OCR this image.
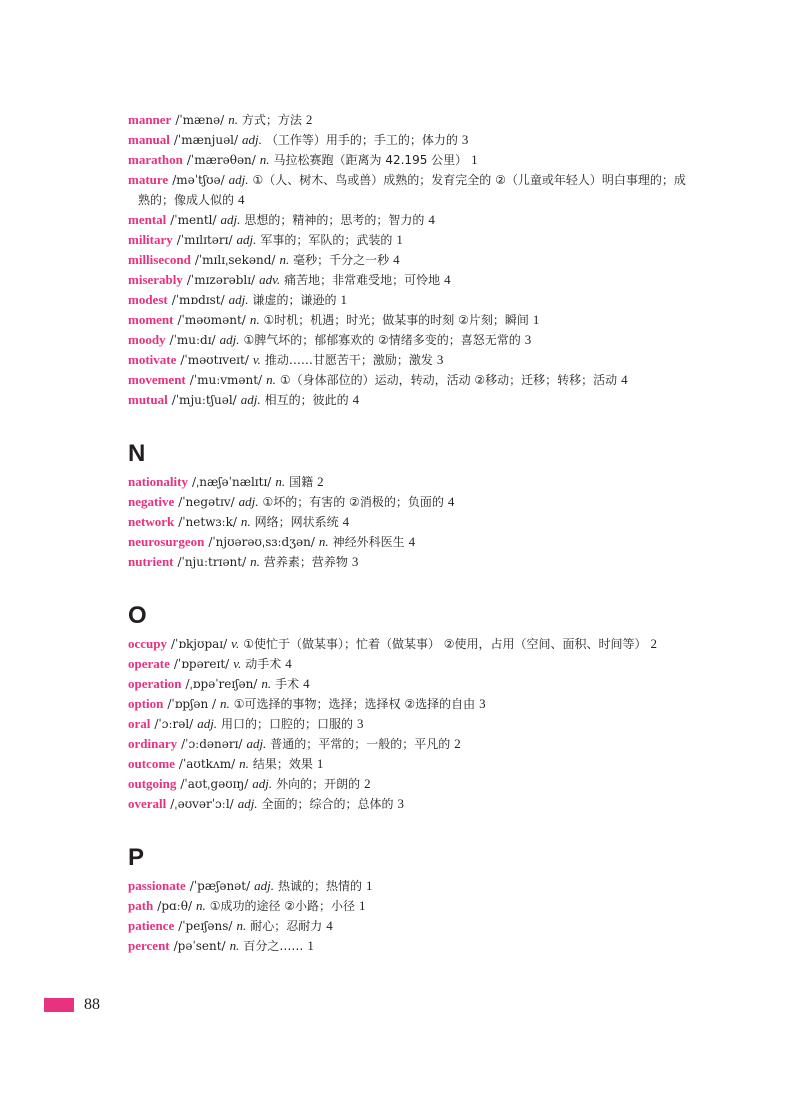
manner /ˈmænə/ n. 方式；方法 2
manual /ˈmænjuəl/ adj. （工作等）用手的；手工的；体力的 3
marathon /ˈmærəθən/ n. 马拉松赛跑（距离为 42.195 公里） 1
mature /məˈtʃʊə/ adj. ①（人、树木、鸟或兽）成熟的；发育完全的 ②（儿童或年轻人）明白事理的；成熟的；像成人似的 4
mental /ˈmentl/ adj. 思想的；精神的；思考的；智力的 4
military /ˈmɪlɪtərɪ/ adj. 军事的；军队的；武装的 1
millisecond /ˈmɪlɪˌsekənd/ n. 毫秒；千分之一秒 4
miserably /ˈmɪzərəblɪ/ adv. 痛苦地；非常难受地；可怜地 4
modest /ˈmɒdɪst/ adj. 谦虚的；谦逊的 1
moment /ˈməʊmənt/ n. ①时机；机遇；时光；做某事的时刻 ②片刻；瞬间 1
moody /ˈmuːdɪ/ adj. ①脾气坏的；郁郁寡欢的 ②情绪多变的；喜怒无常的 3
motivate /ˈməʊtɪveɪt/ v. 推动……甘愿苦干；激励；激发 3
movement /ˈmuːvmənt/ n. ①（身体部位的）运动，转动，活动 ②移动；迁移；转移；活动 4
mutual /ˈmjuːtʃuəl/ adj. 相互的；彼此的 4
N
nationality /ˌnæʃəˈnælɪtɪ/ n. 国籍 2
negative /ˈnegətɪv/ adj. ①坏的；有害的 ②消极的；负面的 4
network /ˈnetwɜːk/ n. 网络；网状系统 4
neurosurgeon /ˈnjʊərəʊˌsɜːdʒən/ n. 神经外科医生 4
nutrient /ˈnjuːtrɪənt/ n. 营养素；营养物 3
O
occupy /ˈɒkjʊpaɪ/ v. ①使忙于（做某事）；忙着（做某事） ②使用，占用（空间、面积、时间等） 2
operate /ˈɒpəreɪt/ v. 动手术 4
operation /ˌɒpəˈreɪʃən/ n. 手术 4
option /ˈɒpʃən / n. ①可选择的事物；选择；选择权 ②选择的自由 3
oral /ˈɔːrəl/ adj. 用口的；口腔的；口服的 3
ordinary /ˈɔːdənərɪ/ adj. 普通的；平常的；一般的；平凡的 2
outcome /ˈaʊtkʌm/ n. 结果；效果 1
outgoing /ˈaʊtˌgəʊɪŋ/ adj. 外向的；开朗的 2
overall /ˌəʊvərˈɔːl/ adj. 全面的；综合的；总体的 3
P
passionate /ˈpæʃənət/ adj. 热诚的；热情的 1
path /pɑːθ/ n. ①成功的途径 ②小路；小径 1
patience /ˈpeɪʃəns/ n. 耐心；忍耐力 4
percent /pəˈsent/ n. 百分之…… 1
88
